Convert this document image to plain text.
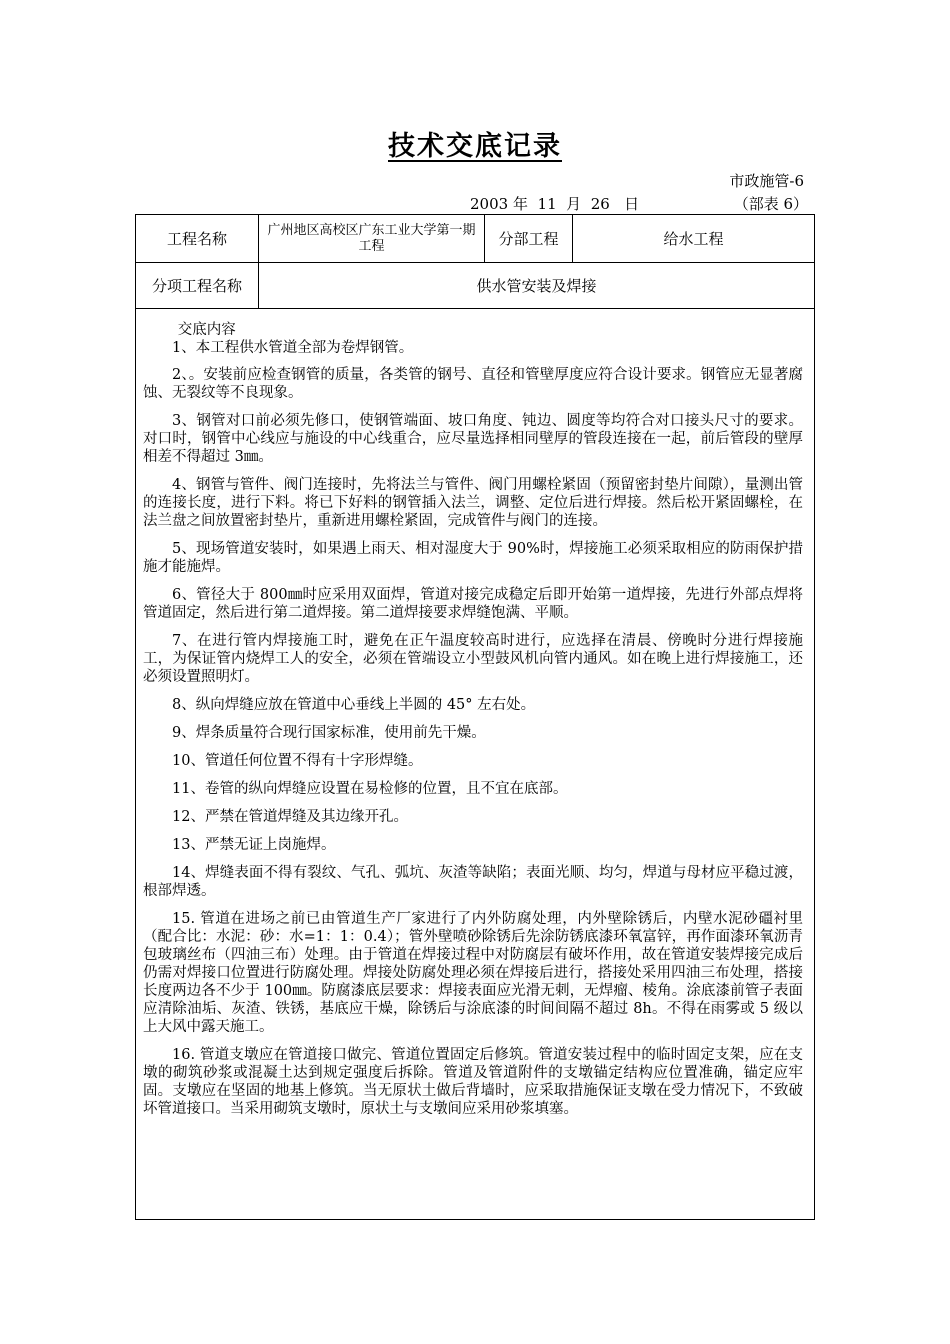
技术交底记录
市政施管-6
2003 年 11 月 26 日	（部表 6）
工程名称	广州地区高校区广东工业大学第一期工程	分部工程	给水工程
分项工程名称	供水管安装及焊接

交底内容

1、本工程供水管道全部为卷焊钢管。

2、。安装前应检查钢管的质量，各类管的钢号、直径和管壁厚度应符合设计要求。钢管应无显著腐蚀、无裂纹等不良现象。

3、钢管对口前必须先修口，使钢管端面、坡口角度、钝边、圆度等均符合对口接头尺寸的要求。对口时，钢管中心线应与施设的中心线重合，应尽量选择相同壁厚的管段连接在一起，前后管段的壁厚相差不得超过 3㎜。

4、钢管与管件、阀门连接时，先将法兰与管件、阀门用螺栓紧固（预留密封垫片间隙），量测出管的连接长度，进行下料。将已下好料的钢管插入法兰，调整、定位后进行焊接。然后松开紧固螺栓，在法兰盘之间放置密封垫片，重新进用螺栓紧固，完成管件与阀门的连接。

5、现场管道安装时，如果遇上雨天、相对湿度大于 90%时，焊接施工必须采取相应的防雨保护措施才能施焊。

6、管径大于 800㎜时应采用双面焊，管道对接完成稳定后即开始第一道焊接，先进行外部点焊将管道固定，然后进行第二道焊接。第二道焊接要求焊缝饱满、平顺。

7、在进行管内焊接施工时，避免在正午温度较高时进行，应选择在清晨、傍晚时分进行焊接施工，为保证管内烧焊工人的安全，必须在管端设立小型鼓风机向管内通风。如在晚上进行焊接施工，还必须设置照明灯。

8、纵向焊缝应放在管道中心垂线上半圆的 45° 左右处。

9、焊条质量符合现行国家标准，使用前先干燥。

10、管道任何位置不得有十字形焊缝。

11、卷管的纵向焊缝应设置在易检修的位置，且不宜在底部。

12、严禁在管道焊缝及其边缘开孔。

13、严禁无证上岗施焊。

14、焊缝表面不得有裂纹、气孔、弧坑、灰渣等缺陷；表面光顺、均匀，焊道与母材应平稳过渡，根部焊透。

15. 管道在进场之前已由管道生产厂家进行了内外防腐处理，内外壁除锈后，内壁水泥砂礓衬里（配合比：水泥：砂：水=1：1：0.4）；管外壁喷砂除锈后先涂防锈底漆环氧富锌，再作面漆环氧沥青包玻璃丝布（四油三布）处理。由于管道在焊接过程中对防腐层有破坏作用，故在管道安装焊接完成后仍需对焊接口位置进行防腐处理。焊接处防腐处理必须在焊接后进行，搭接处采用四油三布处理，搭接长度两边各不少于 100㎜。防腐漆底层要求：焊接表面应光滑无刺，无焊瘤、棱角。涂底漆前管子表面应清除油垢、灰渣、铁锈，基底应干燥，除锈后与涂底漆的时间间隔不超过 8h。不得在雨雾或 5 级以上大风中露天施工。

16. 管道支墩应在管道接口做完、管道位置固定后修筑。管道安装过程中的临时固定支架，应在支墩的砌筑砂浆或混凝土达到规定强度后拆除。管道及管道附件的支墩锚定结构应位置准确，锚定应牢固。支墩应在坚固的地基上修筑。当无原状土做后背墙时，应采取措施保证支墩在受力情况下，不致破坏管道接口。当采用砌筑支墩时，原状土与支墩间应采用砂浆填塞。
